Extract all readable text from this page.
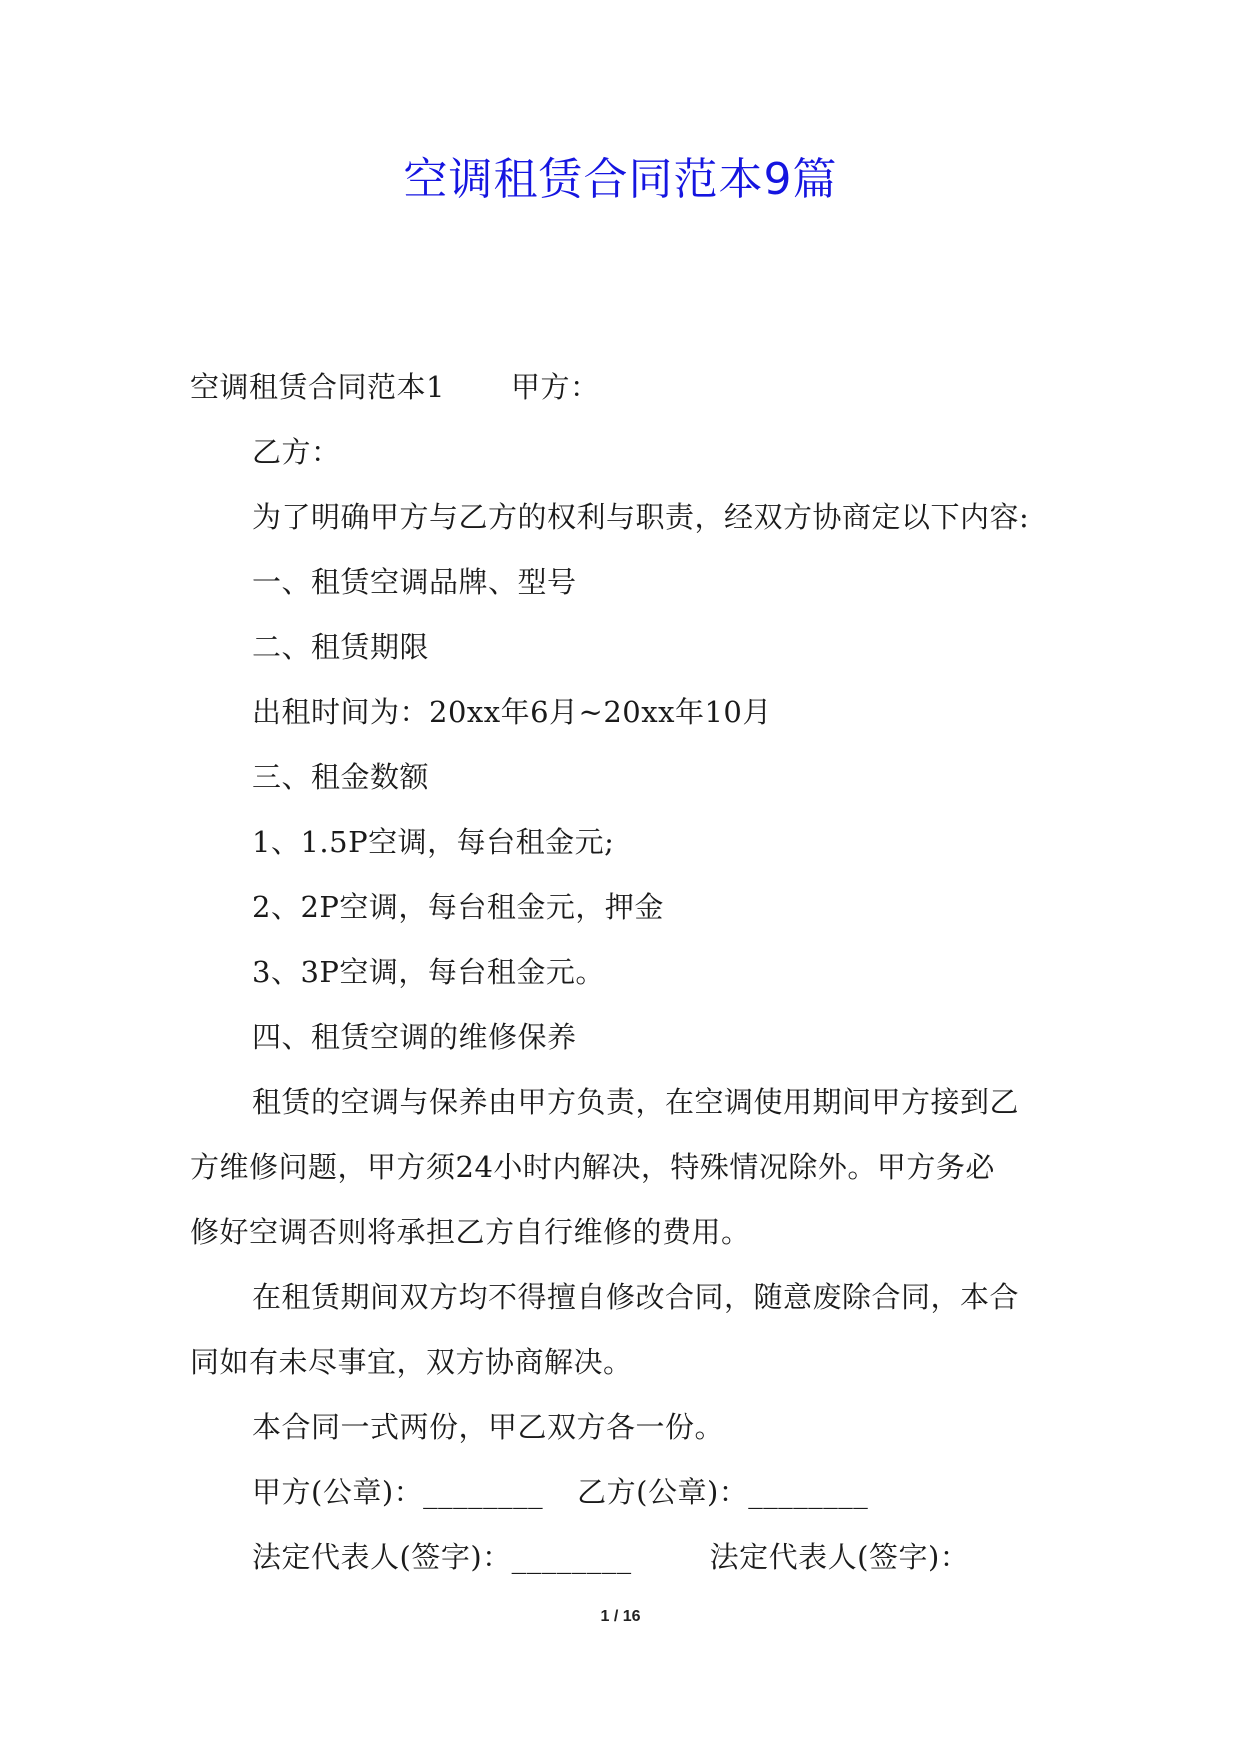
空调租赁合同范本9篇
空调租赁合同范本1 甲方：
乙方：
为了明确甲方与乙方的权利与职责，经双方协商定以下内容:
一、租赁空调品牌、型号
二、租赁期限
出租时间为：20xx年6月~20xx年10月
三、租金数额
1、1.5P空调，每台租金元;
2、2P空调，每台租金元，押金
3、3P空调，每台租金元。
四、租赁空调的维修保养
租赁的空调与保养由甲方负责，在空调使用期间甲方接到乙
方维修问题，甲方须24小时内解决，特殊情况除外。甲方务必
修好空调否则将承担乙方自行维修的费用。
在租赁期间双方均不得擅自修改合同，随意废除合同，本合
同如有未尽事宜，双方协商解决。
本合同一式两份，甲乙双方各一份。
甲方(公章)：________ 乙方(公章)：________
法定代表人(签字)：________	法定代表人(签字)：
1 / 16
